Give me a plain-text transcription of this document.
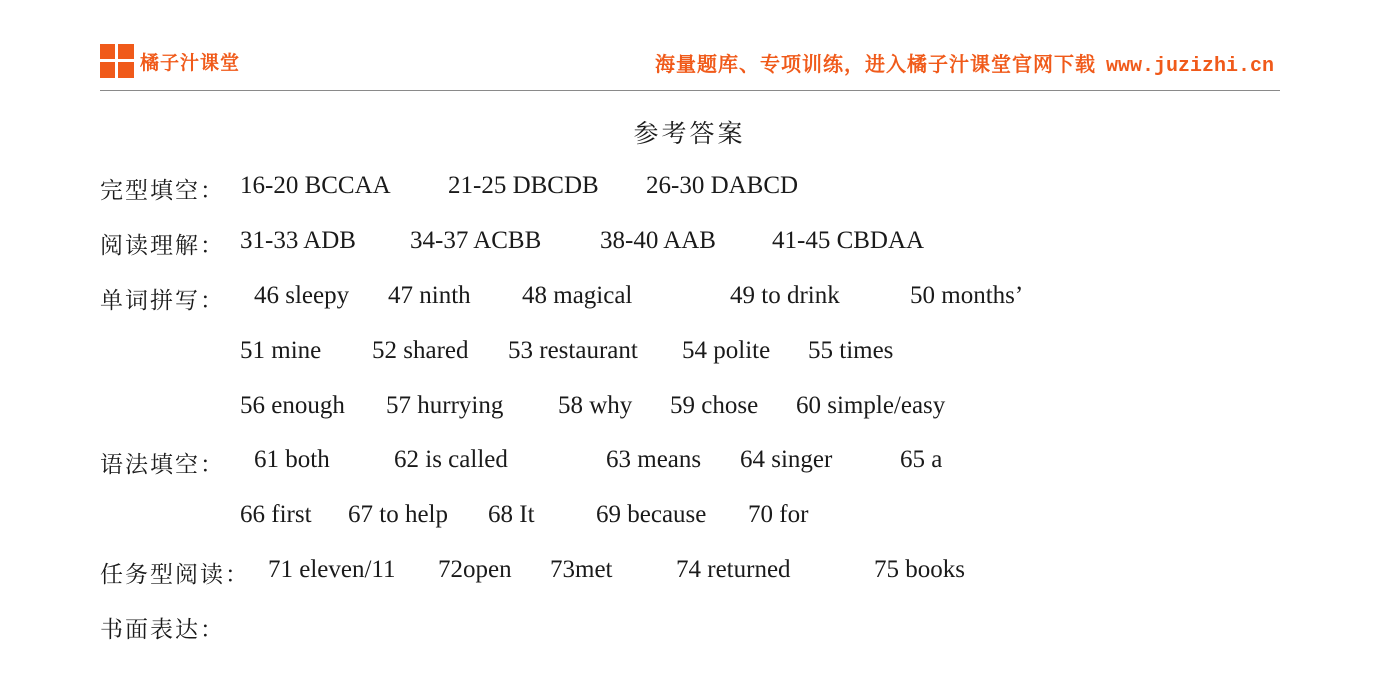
橘子汁课堂	海量题库、专项训练，进入橘子汁课堂官网下载 www.juzizhi.cn
参考答案
完型填空： 16-20 BCCAA 21-25 DBCDB 26-30 DABCD
阅读理解： 31-33 ADB 34-37 ACBB 38-40 AAB 41-45 CBDAA
单词拼写： 46 sleepy 47 ninth 48 magical	49 to drink	50 months’
51 mine 52 shared 53 restaurant 54 polite 55 times
56 enough 57 hurrying 58 why 59 chose 60 simple/easy
语法填空： 61 both	62 is called	63 means 64 singer	65 a
66 first 67 to help 68 It 69 because 70 for
任务型阅读： 71 eleven/11 72open 73met	74 returned	75 books
书面表达：
